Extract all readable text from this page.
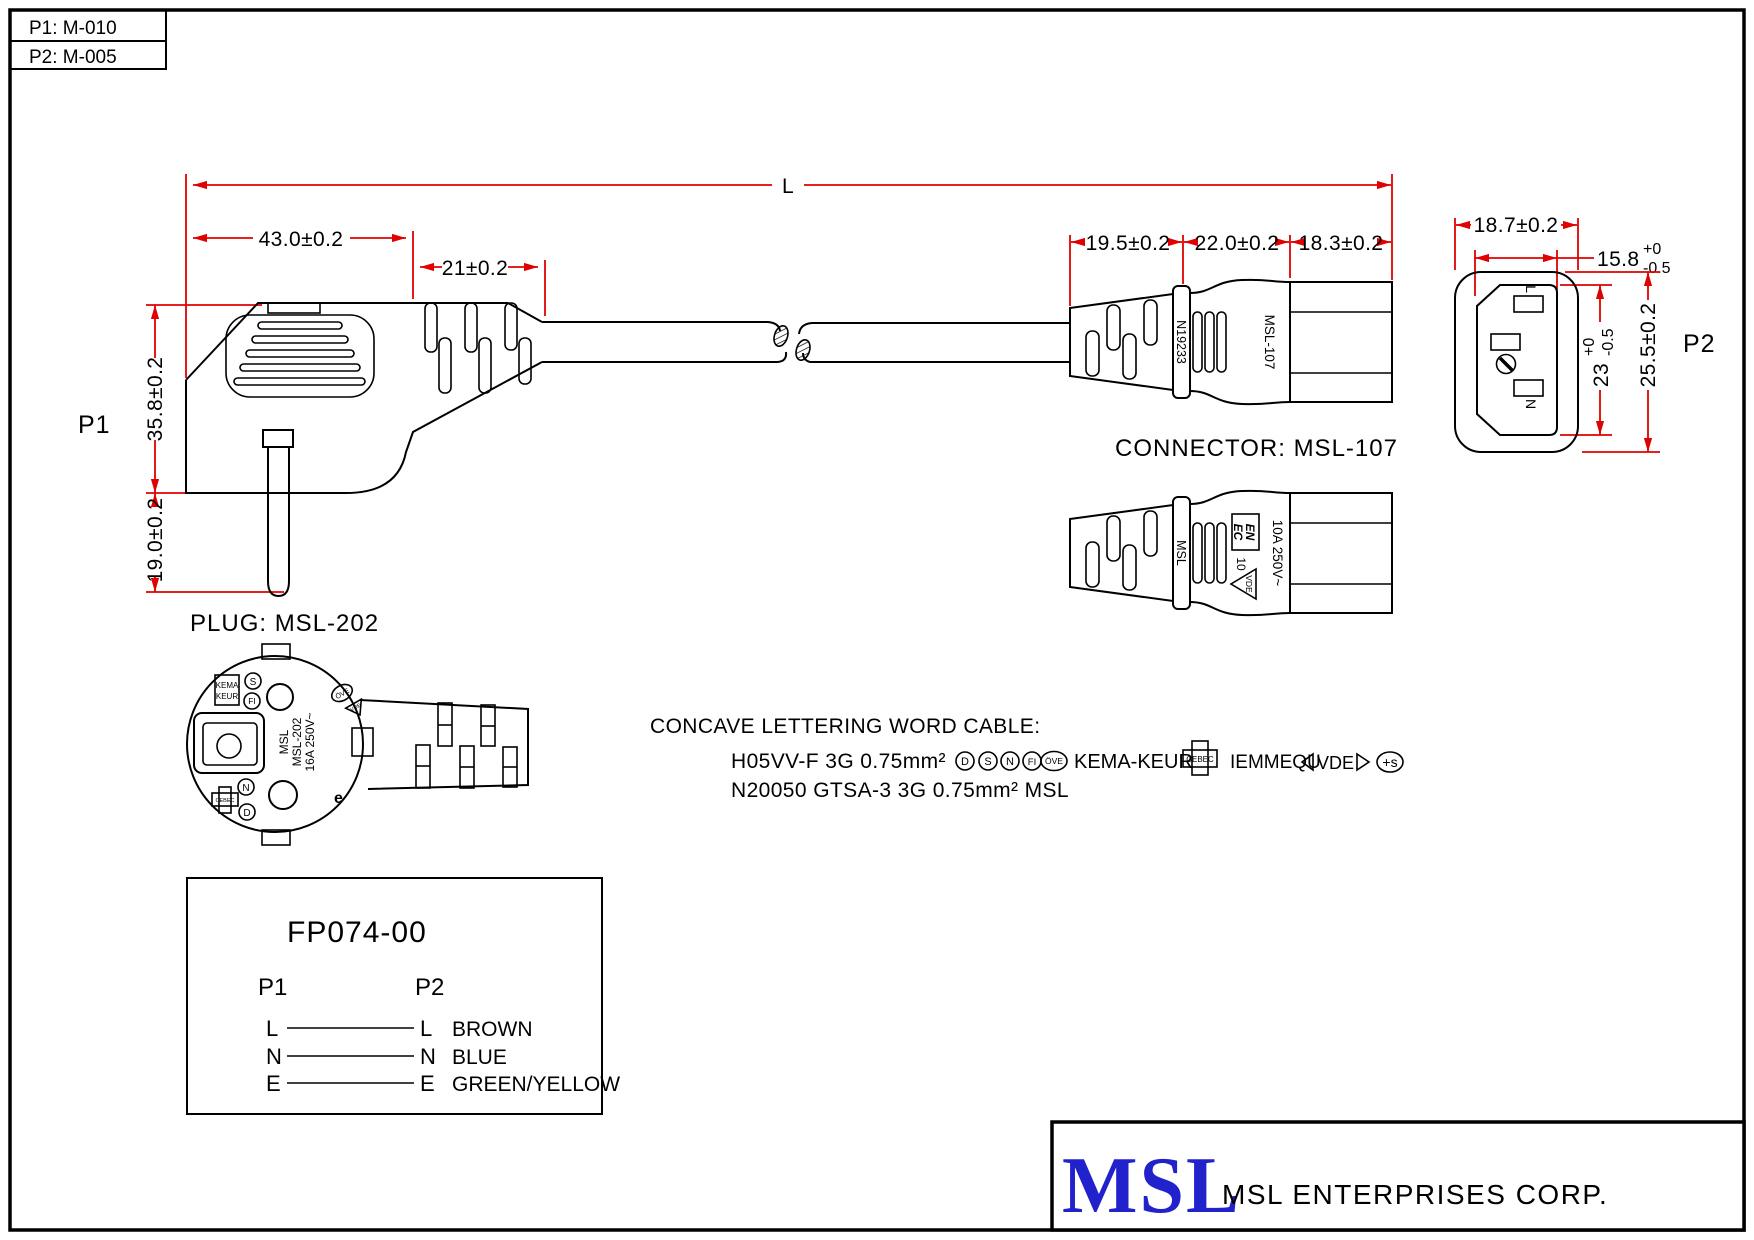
P1: M-010
P2: M-005
L
43.0±0.2
21±0.2
35.8±0.2
19.0±0.2
19.5±0.2 22.0±0.2 18.3±0.2
18.7±0.2
15.8 +0
-0.5
23
+0 -0.5 25.5±0.2
N19233	MSL-107
MSL
EN
EC
10
VDE 10A 250V~
CONNECTOR: MSL-107
P1
P2
PLUG: MSL-202
KEMA
KEUR
S
FI	ÖVE
VDE
MSL MSL-202 16A 250V~
N
D
CEBEC	e
L
N
CONCAVE LETTERING WORD CABLE:
H05VV-F 3G 0.75mm² D S N FI ÖVE KEMA-KEUR
CEBEC IEMMEQU
VDE +s
N20050 GTSA-3 3G 0.75mm² MSL
FP074-00
P1	P2
L	L BROWN
N	N BLUE
E	E GREEN/YELLOW
MSL
MSL ENTERPRISES CORP.
